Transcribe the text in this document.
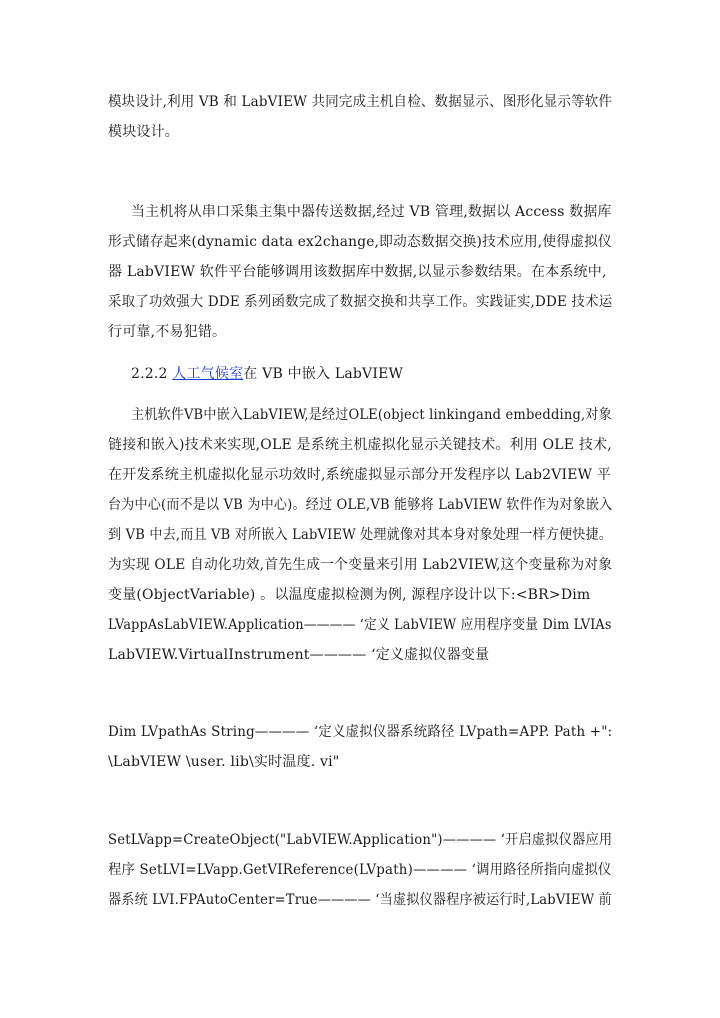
模块设计,利用 VB 和 LabVIEW 共同完成主机自检、数据显示、图形化显示等软件
模块设计。
当主机将从串口采集主集中器传送数据,经过 VB 管理,数据以 Access 数据库
形式储存起来(dynamic data ex2change,即动态数据交换)技术应用,使得虚拟仪
器 LabVIEW 软件平台能够调用该数据库中数据,以显示参数结果。在本系统中,
采取了功效强大 DDE 系列函数完成了数据交换和共享工作。实践证实,DDE 技术运
行可靠,不易犯错。
2.2.2 人工气候室在 VB 中嵌入 LabVIEW
主机软件VB中嵌入LabVIEW,是经过OLE(object linkingand embedding,对象
链接和嵌入)技术来实现,OLE 是系统主机虚拟化显示关键技术。利用 OLE 技术,
在开发系统主机虚拟化显示功效时,系统虚拟显示部分开发程序以 Lab2VIEW 平
台为中心(而不是以 VB 为中心)。经过 OLE,VB 能够将 LabVIEW 软件作为对象嵌入
到 VB 中去,而且 VB 对所嵌入 LabVIEW 处理就像对其本身对象处理一样方便快捷。
为实现 OLE 自动化功效,首先生成一个变量来引用 Lab2VIEW,这个变量称为对象
变量(ObjectVariable) 。以温度虚拟检测为例, 源程序设计以下:<BR>Dim
LVappAsLabVIEW.Application———— ‘定义 LabVIEW 应用程序变量 Dim LVIAs
LabVIEW.VirtualInstrument———— ‘定义虚拟仪器变量
Dim LVpathAs String———— ‘定义虚拟仪器系统路径 LVpath=APP. Path +":
\LabVIEW \user. lib\实时温度. vi"
SetLVapp=CreateObject("LabVIEW.Application")———— ‘开启虚拟仪器应用
程序 SetLVI=LVapp.GetVIReference(LVpath)———— ‘调用路径所指向虚拟仪
器系统 LVI.FPAutoCenter=True———— ‘当虚拟仪器程序被运行时,LabVIEW 前
